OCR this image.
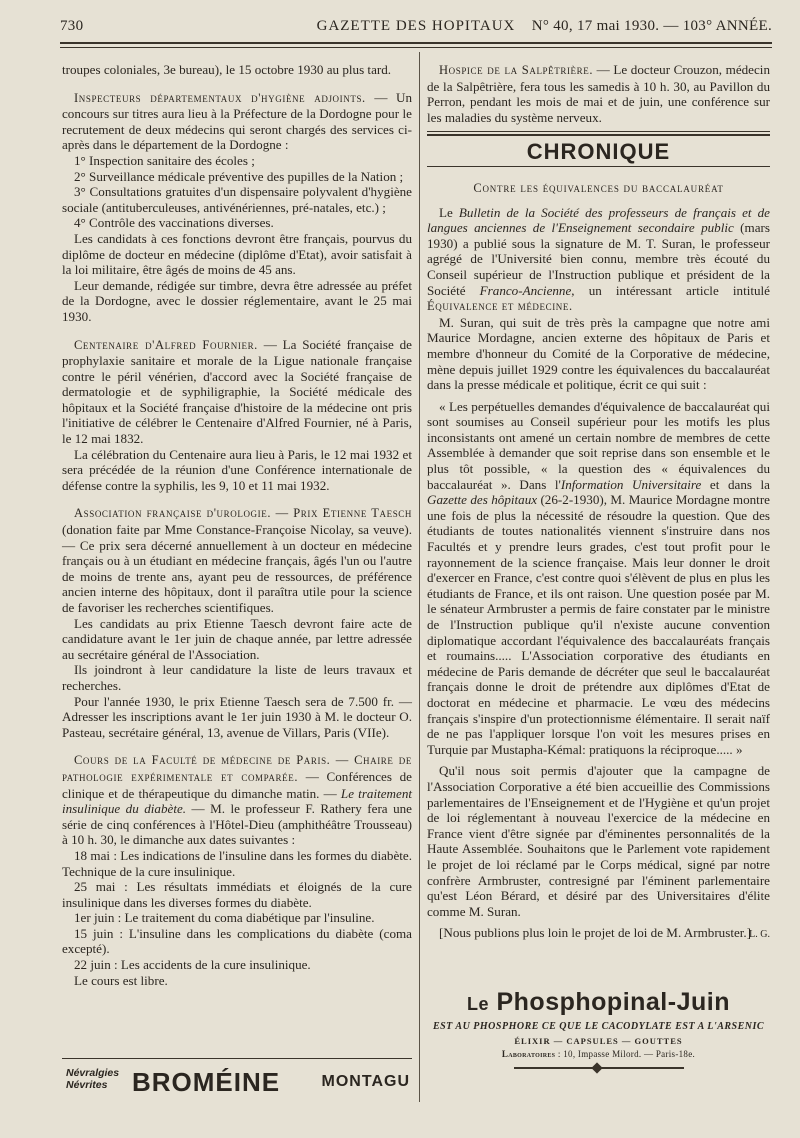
730	GAZETTE DES HOPITAUX	N° 40, 17 mai 1930. — 103° ANNÉE.

troupes coloniales, 3e bureau), le 15 octobre 1930 au plus tard.

Inspecteurs départementaux d'hygiène adjoints. — Un concours sur titres aura lieu à la Préfecture de la Dordogne pour le recrutement de deux médecins qui seront chargés des services ci-après dans le département de la Dordogne :

1° Inspection sanitaire des écoles ;

2° Surveillance médicale préventive des pupilles de la Nation ;

3° Consultations gratuites d'un dispensaire polyvalent d'hygiène sociale (antituberculeuses, antivénériennes, pré-natales, etc.) ;

4° Contrôle des vaccinations diverses.

Les candidats à ces fonctions devront être français, pourvus du diplôme de docteur en médecine (diplôme d'Etat), avoir satisfait à la loi militaire, être âgés de moins de 45 ans.

Leur demande, rédigée sur timbre, devra être adressée au préfet de la Dordogne, avec le dossier réglementaire, avant le 25 mai 1930.

Centenaire d'Alfred Fournier. — La Société française de prophylaxie sanitaire et morale de la Ligue nationale française contre le péril vénérien, d'accord avec la Société française de dermatologie et de syphiligraphie, la Société médicale des hôpitaux et la Société française d'histoire de la médecine ont pris l'initiative de célébrer le Centenaire d'Alfred Fournier, né à Paris, le 12 mai 1832.

La célébration du Centenaire aura lieu à Paris, le 12 mai 1932 et sera précédée de la réunion d'une Conférence internationale de défense contre la syphilis, les 9, 10 et 11 mai 1932.

Association française d'urologie. — Prix Etienne Taesch (donation faite par Mme Constance-Françoise Nicolay, sa veuve). — Ce prix sera décerné annuellement à un docteur en médecine français ou à un étudiant en médecine français, âgés l'un ou l'autre de moins de trente ans, ayant peu de ressources, de préférence ancien interne des hôpitaux, dont il paraîtra utile pour la science de favoriser les recherches scientifiques.

Les candidats au prix Etienne Taesch devront faire acte de candidature avant le 1er juin de chaque année, par lettre adressée au secrétaire général de l'Association.

Ils joindront à leur candidature la liste de leurs travaux et recherches.

Pour l'année 1930, le prix Etienne Taesch sera de 7.500 fr. — Adresser les inscriptions avant le 1er juin 1930 à M. le docteur O. Pasteau, secrétaire général, 13, avenue de Villars, Paris (VIIe).

Cours de la Faculté de médecine de Paris. — Chaire de pathologie expérimentale et comparée. — Conférences de clinique et de thérapeutique du dimanche matin. — Le traitement insulinique du diabète. — M. le professeur F. Rathery fera une série de cinq conférences à l'Hôtel-Dieu (amphithéâtre Trousseau) à 10 h. 30, le dimanche aux dates suivantes :

18 mai : Les indications de l'insuline dans les formes du diabète. Technique de la cure insulinique.

25 mai : Les résultats immédiats et éloignés de la cure insulinique dans les diverses formes du diabète.

1er juin : Le traitement du coma diabétique par l'insuline.

15 juin : L'insuline dans les complications du diabète (coma excepté).

22 juin : Les accidents de la cure insulinique.

Le cours est libre.

Hospice de la Salpêtrière. — Le docteur Crouzon, médecin de la Salpêtrière, fera tous les samedis à 10 h. 30, au Pavillon du Perron, pendant les mois de mai et de juin, une conférence sur les maladies du système nerveux.

CHRONIQUE
Contre les équivalences du baccalauréat

Le Bulletin de la Société des professeurs de français et de langues anciennes de l'Enseignement secondaire public (mars 1930) a publié sous la signature de M. T. Suran, le professeur agrégé de l'Université bien connu, membre très écouté du Conseil supérieur de l'Instruction publique et président de la Société Franco-Ancienne, un intéressant article intitulé Équivalence et médecine.

M. Suran, qui suit de très près la campagne que notre ami Maurice Mordagne, ancien externe des hôpitaux de Paris et membre d'honneur du Comité de la Corporative de médecine, mène depuis juillet 1929 contre les équivalences du baccalauréat dans la presse médicale et politique, écrit ce qui suit :

« Les perpétuelles demandes d'équivalence de baccalauréat qui sont soumises au Conseil supérieur pour les motifs les plus inconsistants ont amené un certain nombre de membres de cette Assemblée à demander que soit reprise dans son ensemble et le plus tôt possible, « la question des « équivalences du baccalauréat ». Dans l'Information Universitaire et dans la Gazette des hôpitaux (26-2-1930), M. Maurice Mordagne montre une fois de plus la nécessité de résoudre la question. Que des étudiants de toutes nationalités viennent s'instruire dans nos Facultés et y prendre leurs grades, c'est tout profit pour le rayonnement de la science française. Mais leur donner le droit d'exercer en France, c'est contre quoi s'élèvent de plus en plus les étudiants de France, et ils ont raison. Une question posée par M. le sénateur Armbruster a permis de faire constater par le ministre de l'Instruction publique qu'il n'existe aucune convention diplomatique accordant l'équivalence des baccalauréats français et roumains..... L'Association corporative des étudiants en médecine de Paris demande de décréter que seul le baccalauréat français donne le droit de prétendre aux diplômes d'Etat de doctorat en médecine et pharmacie. Le vœu des médecins français s'inspire d'un protectionnisme élémentaire. Il serait naïf de ne pas l'appliquer lorsque l'on voit les mesures prises en Turquie par Mustapha-Kémal: pratiquons la réciproque..... »

Qu'il nous soit permis d'ajouter que la campagne de l'Association Corporative a été bien accueillie des Commissions parlementaires de l'Enseignement et de l'Hygiène et qu'un projet de loi réglementant à nouveau l'exercice de la médecine en France vient d'être signée par d'éminentes personnalités de la Haute Assemblée. Souhaitons que le Parlement vote rapidement le projet de loi réclamé par le Corps médical, signé par notre confrère Armbruster, contresigné par l'éminent parlementaire qu'est Léon Bérard, et désiré par des Universitaires d'élite comme M. Suran.

[Nous publions plus loin le projet de loi de M. Armbruster.]

L. G.
Le Phosphopinal-Juin
EST AU PHOSPHORE CE QUE LE CACODYLATE EST A L'ARSENIC
ÉLIXIR — CAPSULES — GOUTTES
Laboratoires : 10, Impasse Milord. — Paris-18e.
Névralgies
Névrites BROMÉINE	MONTAGU
